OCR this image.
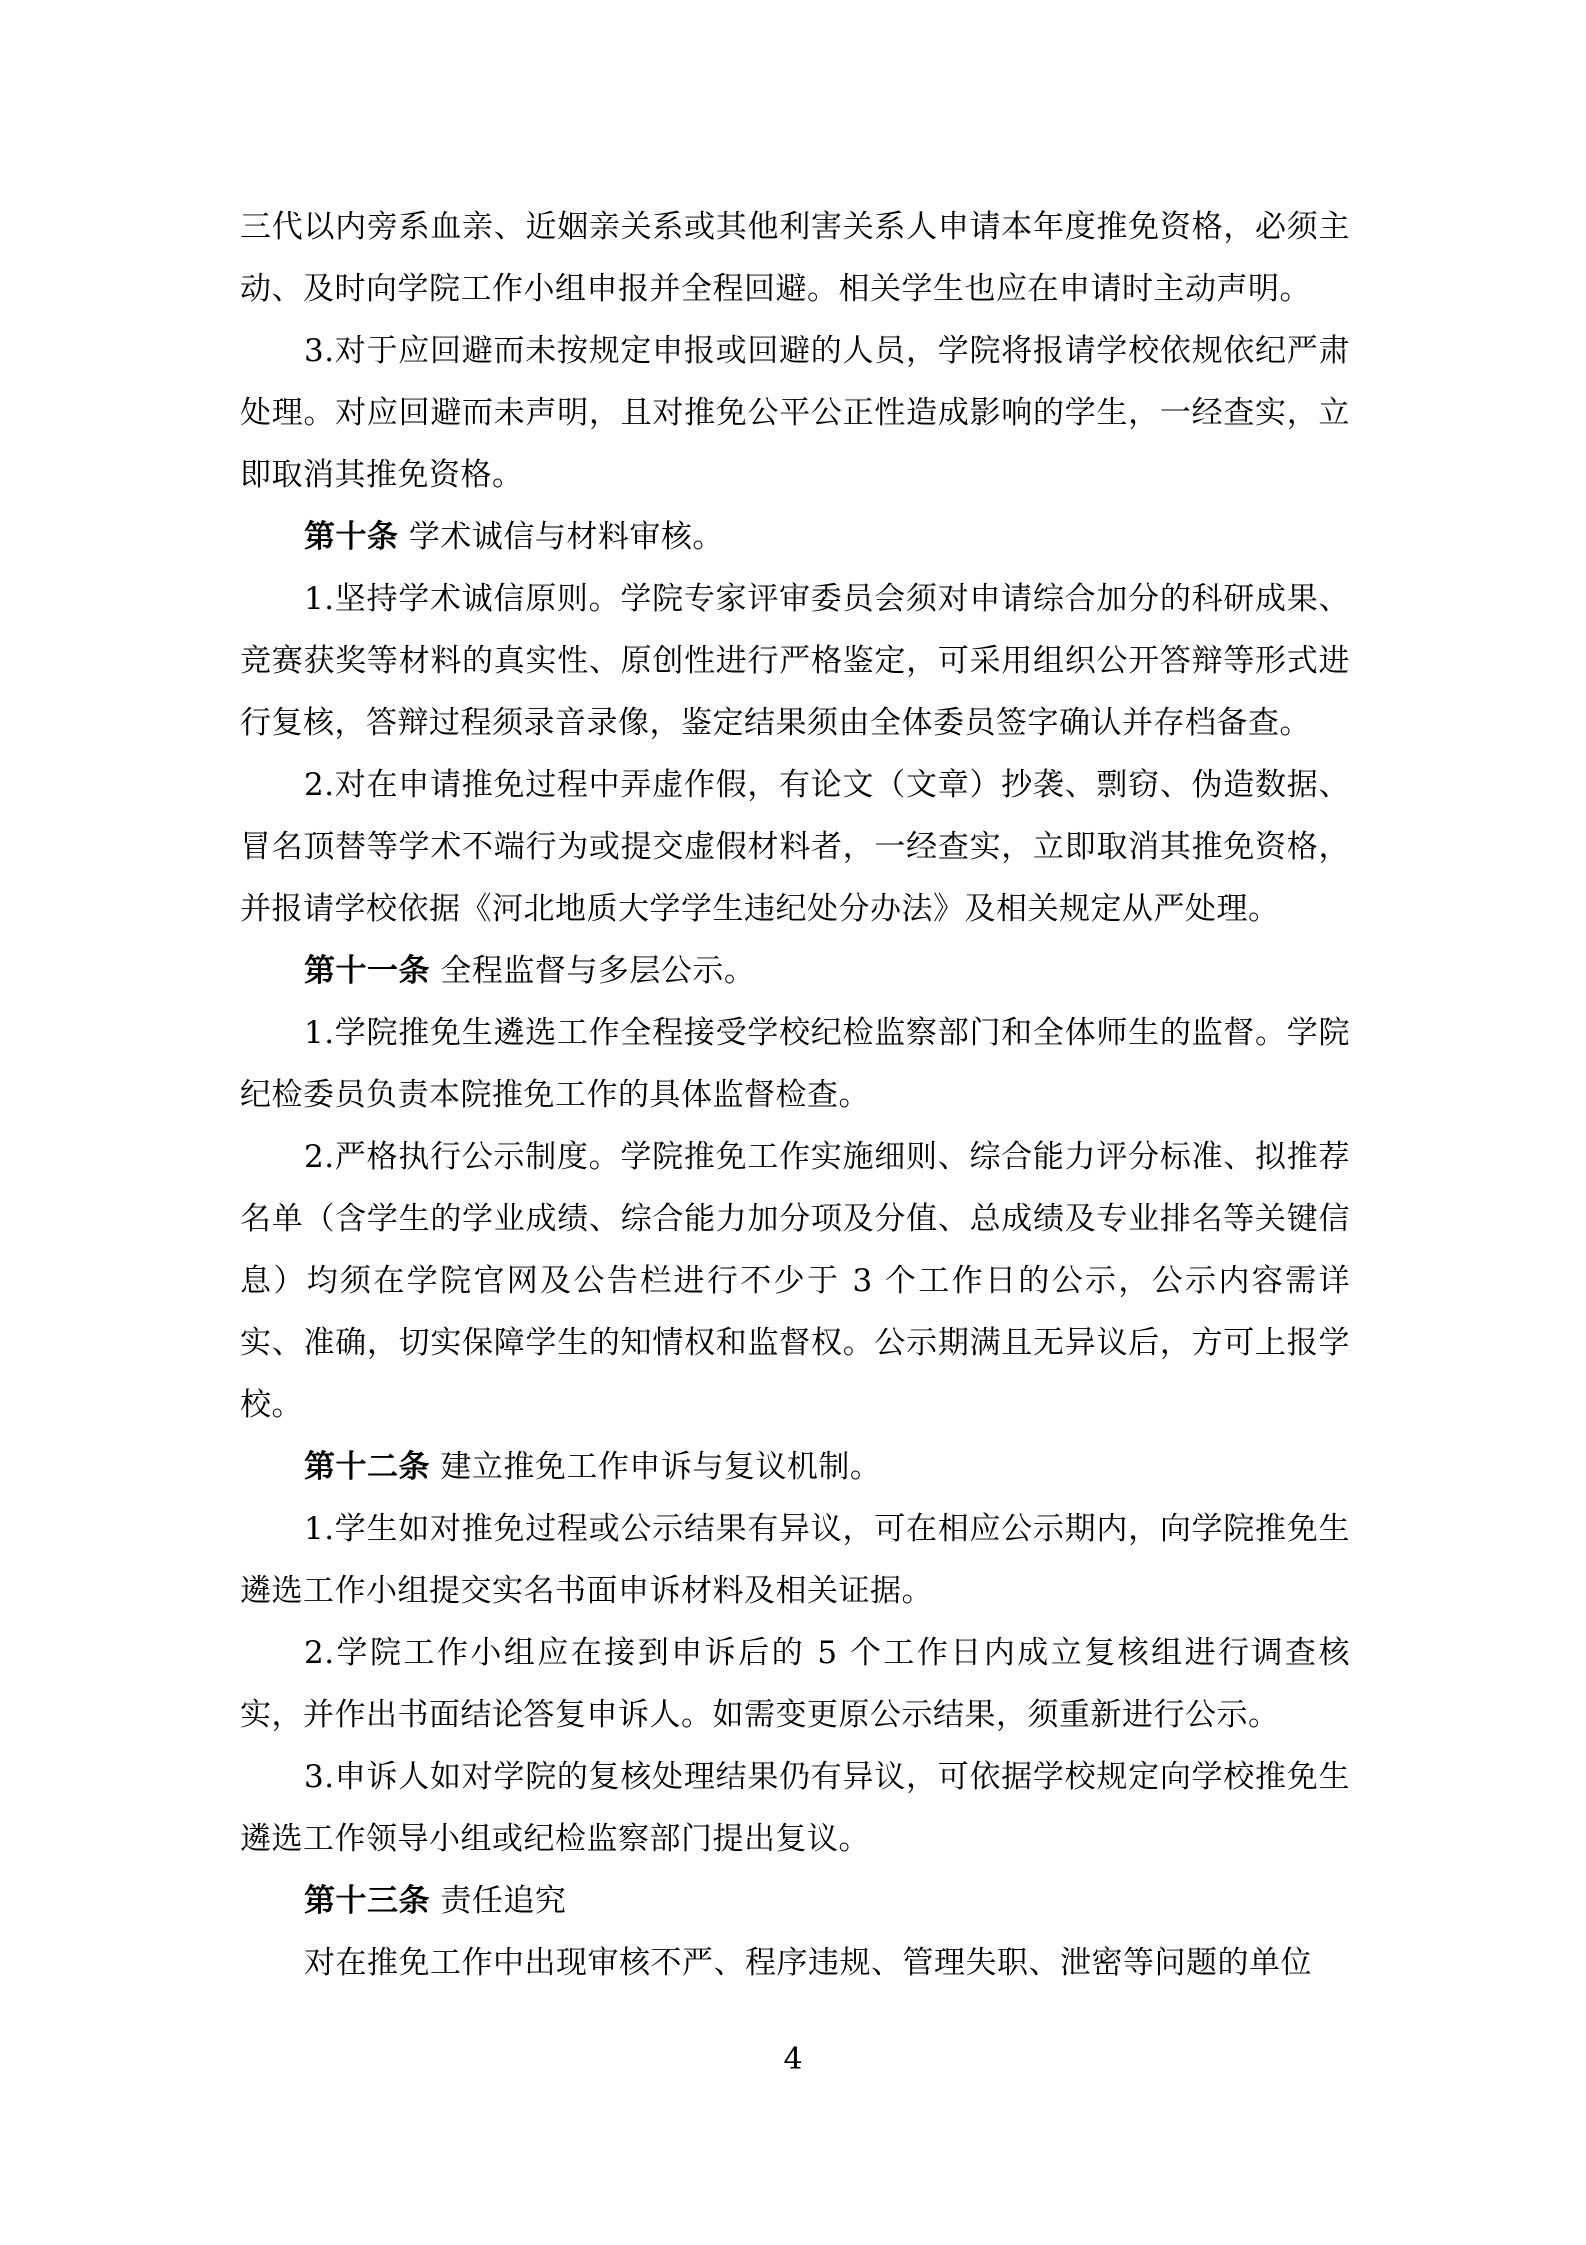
三代以内旁系血亲、近姻亲关系或其他利害关系人申请本年度推免资格，必须主动、及时向学院工作小组申报并全程回避。相关学生也应在申请时主动声明。

3.对于应回避而未按规定申报或回避的人员，学院将报请学校依规依纪严肃处理。对应回避而未声明，且对推免公平公正性造成影响的学生，一经查实，立即取消其推免资格。

第十条 学术诚信与材料审核。

1.坚持学术诚信原则。学院专家评审委员会须对申请综合加分的科研成果、竞赛获奖等材料的真实性、原创性进行严格鉴定，可采用组织公开答辩等形式进行复核，答辩过程须录音录像，鉴定结果须由全体委员签字确认并存档备查。

2.对在申请推免过程中弄虚作假，有论文（文章）抄袭、剽窃、伪造数据、冒名顶替等学术不端行为或提交虚假材料者，一经查实，立即取消其推免资格，并报请学校依据《河北地质大学学生违纪处分办法》及相关规定从严处理。

第十一条 全程监督与多层公示。

1.学院推免生遴选工作全程接受学校纪检监察部门和全体师生的监督。学院纪检委员负责本院推免工作的具体监督检查。

2.严格执行公示制度。学院推免工作实施细则、综合能力评分标准、拟推荐名单（含学生的学业成绩、综合能力加分项及分值、总成绩及专业排名等关键信息）均须在学院官网及公告栏进行不少于 3 个工作日的公示，公示内容需详实、准确，切实保障学生的知情权和监督权。公示期满且无异议后，方可上报学校。

第十二条 建立推免工作申诉与复议机制。

1.学生如对推免过程或公示结果有异议，可在相应公示期内，向学院推免生遴选工作小组提交实名书面申诉材料及相关证据。

2.学院工作小组应在接到申诉后的 5 个工作日内成立复核组进行调查核实，并作出书面结论答复申诉人。如需变更原公示结果，须重新进行公示。

3.申诉人如对学院的复核处理结果仍有异议，可依据学校规定向学校推免生遴选工作领导小组或纪检监察部门提出复议。

第十三条 责任追究

对在推免工作中出现审核不严、程序违规、管理失职、泄密等问题的单位

4
